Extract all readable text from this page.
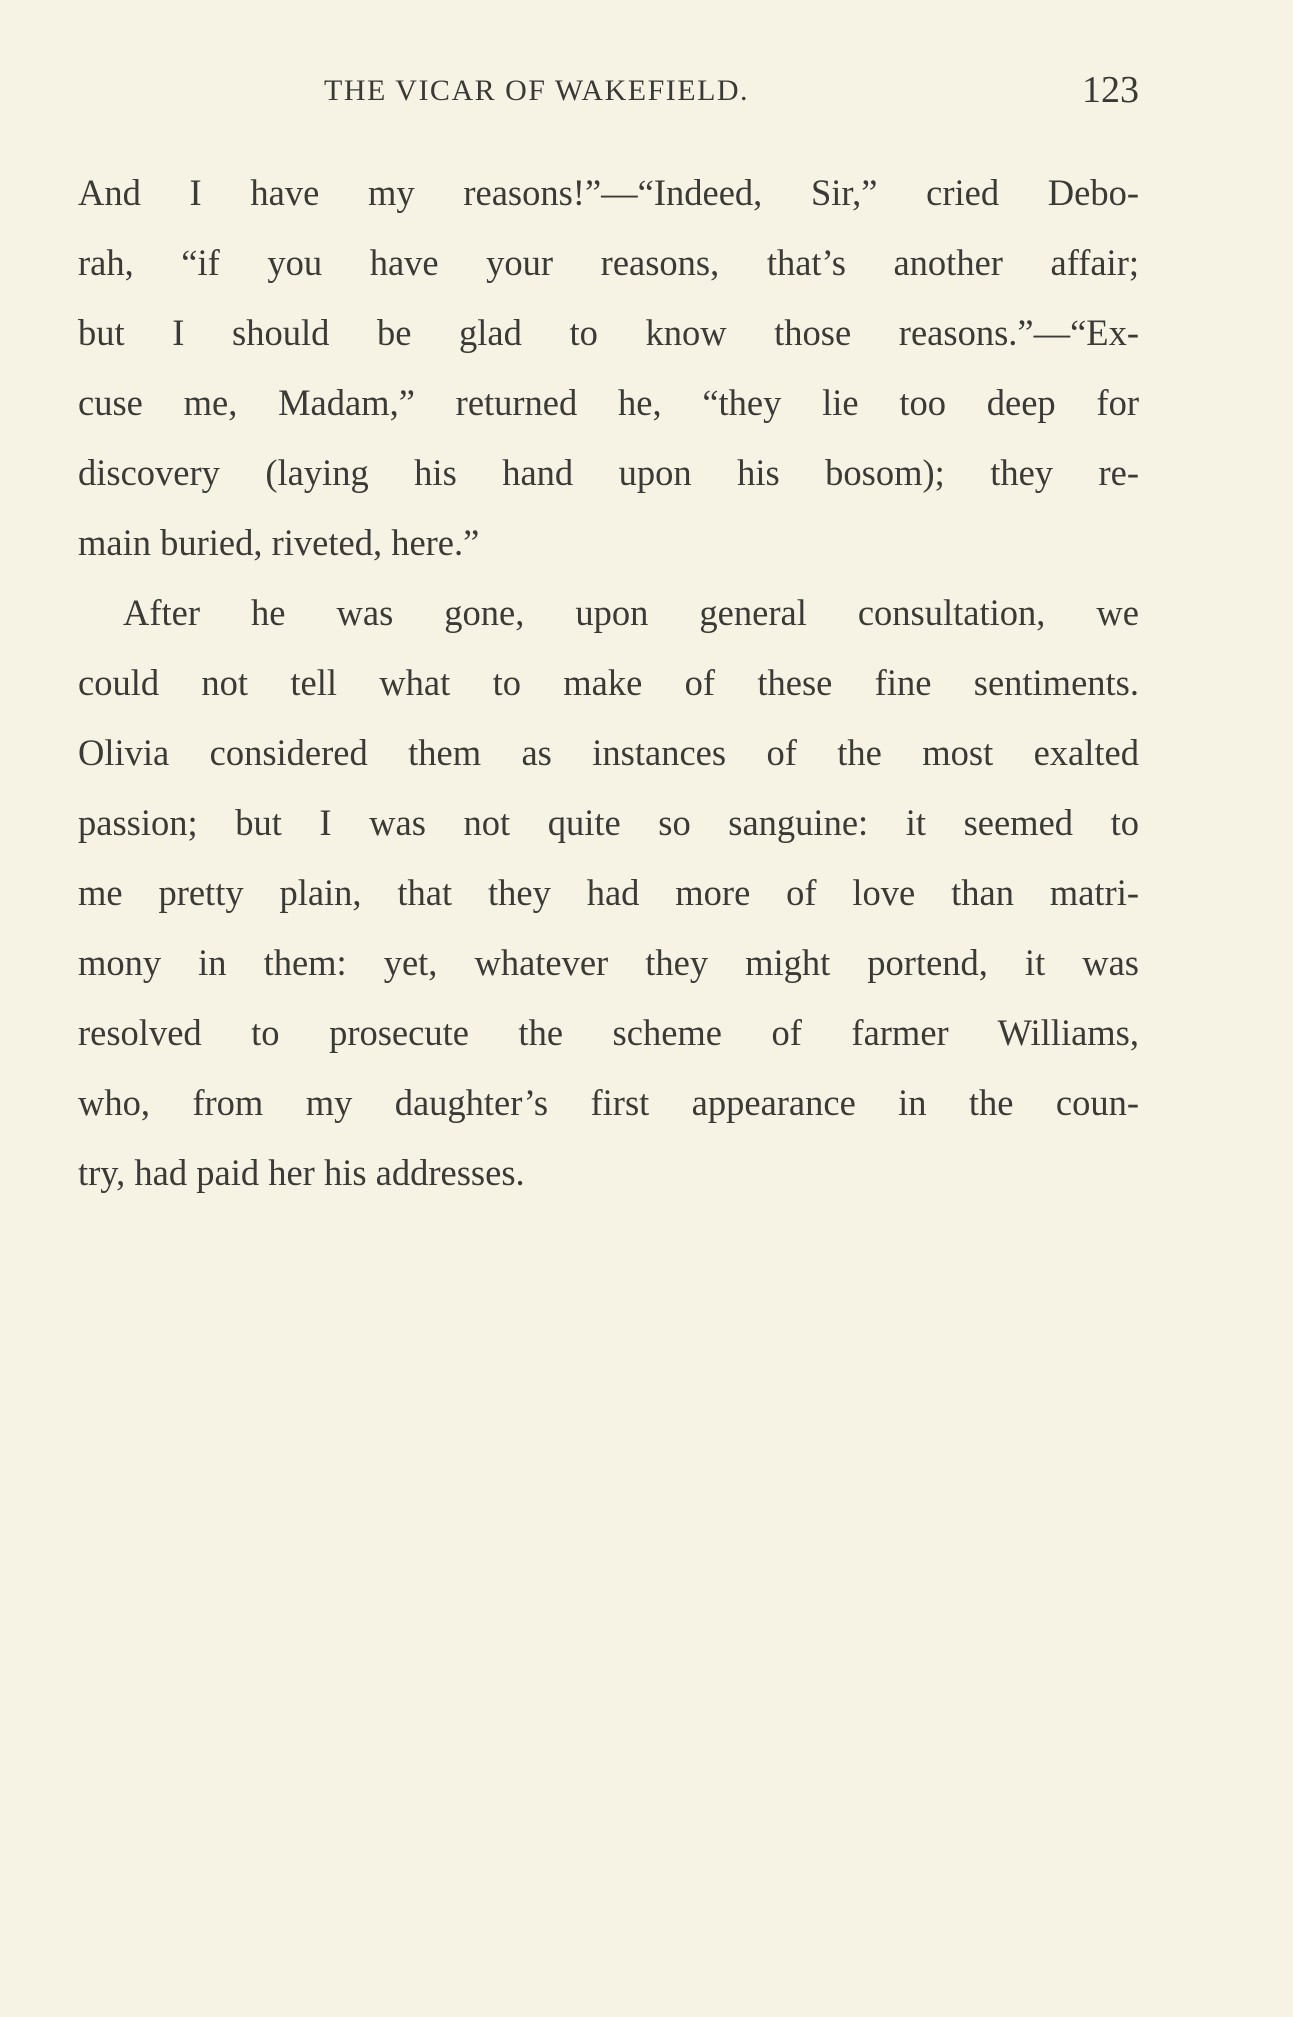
THE VICAR OF WAKEFIELD.	123
And I have my reasons!”—“Indeed, Sir,” cried Debo-
rah, “if you have your reasons, that’s another affair;
but I should be glad to know those reasons.”—“Ex-
cuse me, Madam,” returned he, “they lie too deep for
discovery (laying his hand upon his bosom); they re-
main buried, riveted, here.”
After he was gone, upon general consultation, we
could not tell what to make of these fine sentiments.
Olivia considered them as instances of the most exalted
passion; but I was not quite so sanguine: it seemed to
me pretty plain, that they had more of love than matri-
mony in them: yet, whatever they might portend, it was
resolved to prosecute the scheme of farmer Williams,
who, from my daughter’s first appearance in the coun-
try, had paid her his addresses.
